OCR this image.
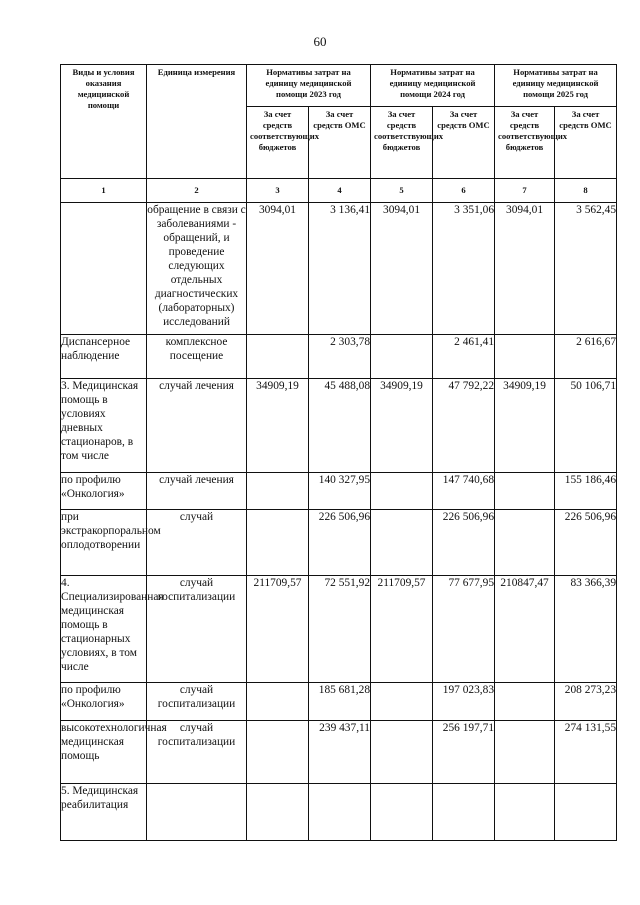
60
Виды и условия оказания медицинской помощи	Единица измерения	Нормативы затрат на единицу медицинской помощи 2023 год		Нормативы затрат на единицу медицинской помощи 2024 год		Нормативы затрат на единицу медицинской помощи 2025 год	

		За счет средств соответствующих бюджетов	За счет средств ОМС	За счет средств соответствующих бюджетов	За счет средств ОМС	За счет средств соответствующих бюджетов	За счет средств ОМС

1	2	3	4	5	6	7	8
	обращение в связи с заболеваниями - обращений, и проведение следующих отдельных диагностических (лабораторных) исследований	3094,01	3 136,41	3094,01	3 351,06	3094,01	3 562,45
Диспансерное наблюдение	комплексное посещение		2 303,78		2 461,41		2 616,67
3. Медицинская помощь в условиях дневных стационаров, в том числе	случай лечения	34909,19	45 488,08	34909,19	47 792,22	34909,19	50 106,71
по профилю «Онкология»	случай лечения		140 327,95		147 740,68		155 186,46
при экстракорпоральном оплодотворении	случай		226 506,96		226 506,96		226 506,96
4. Специализированная медицинская помощь в стационарных условиях, в том числе	случай госпитализации	211709,57	72 551,92	211709,57	77 677,95	210847,47	83 366,39
по профилю «Онкология»	случай госпитализации		185 681,28		197 023,83		208 273,23
высокотехнологичная медицинская помощь	случай госпитализации		239 437,11		256 197,71		274 131,55
5. Медицинская реабилитация							
